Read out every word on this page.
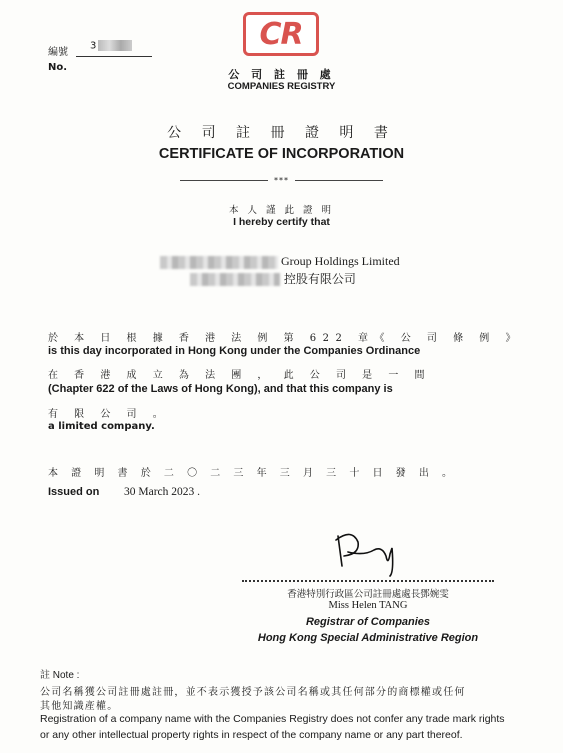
編號
No.
3	CR
公 司 註 冊 處
COMPANIES REGISTRY
公 司 註 冊 證 明 書
CERTIFICATE OF INCORPORATION
***
本 人 謹 此 證 明
I hereby certify that
Group Holdings Limited
控股有限公司
於 本 日 根 據 香 港 法 例 第 622 章《 公 司 條 例 》
is this day incorporated in Hong Kong under the Companies Ordinance
在 香 港 成 立 為 法 團 ， 此 公 司 是 一 間
(Chapter 622 of the Laws of Hong Kong), and that this company is
有 限 公 司 。
a limited company.
本 證 明 書 於 二 〇 二 三 年 三 月 三 十 日 發 出 。
Issued on 30 March 2023 .
香港特別行政區公司註冊處處長鄧婉雯
Miss Helen TANG
Registrar of Companies
Hong Kong Special Administrative Region
註 Note :
公司名稱獲公司註冊處註冊，並不表示獲授予該公司名稱或其任何部分的商標權或任何
其他知識產權。
Registration of a company name with the Companies Registry does not confer any trade mark rights
or any other intellectual property rights in respect of the company name or any part thereof.
